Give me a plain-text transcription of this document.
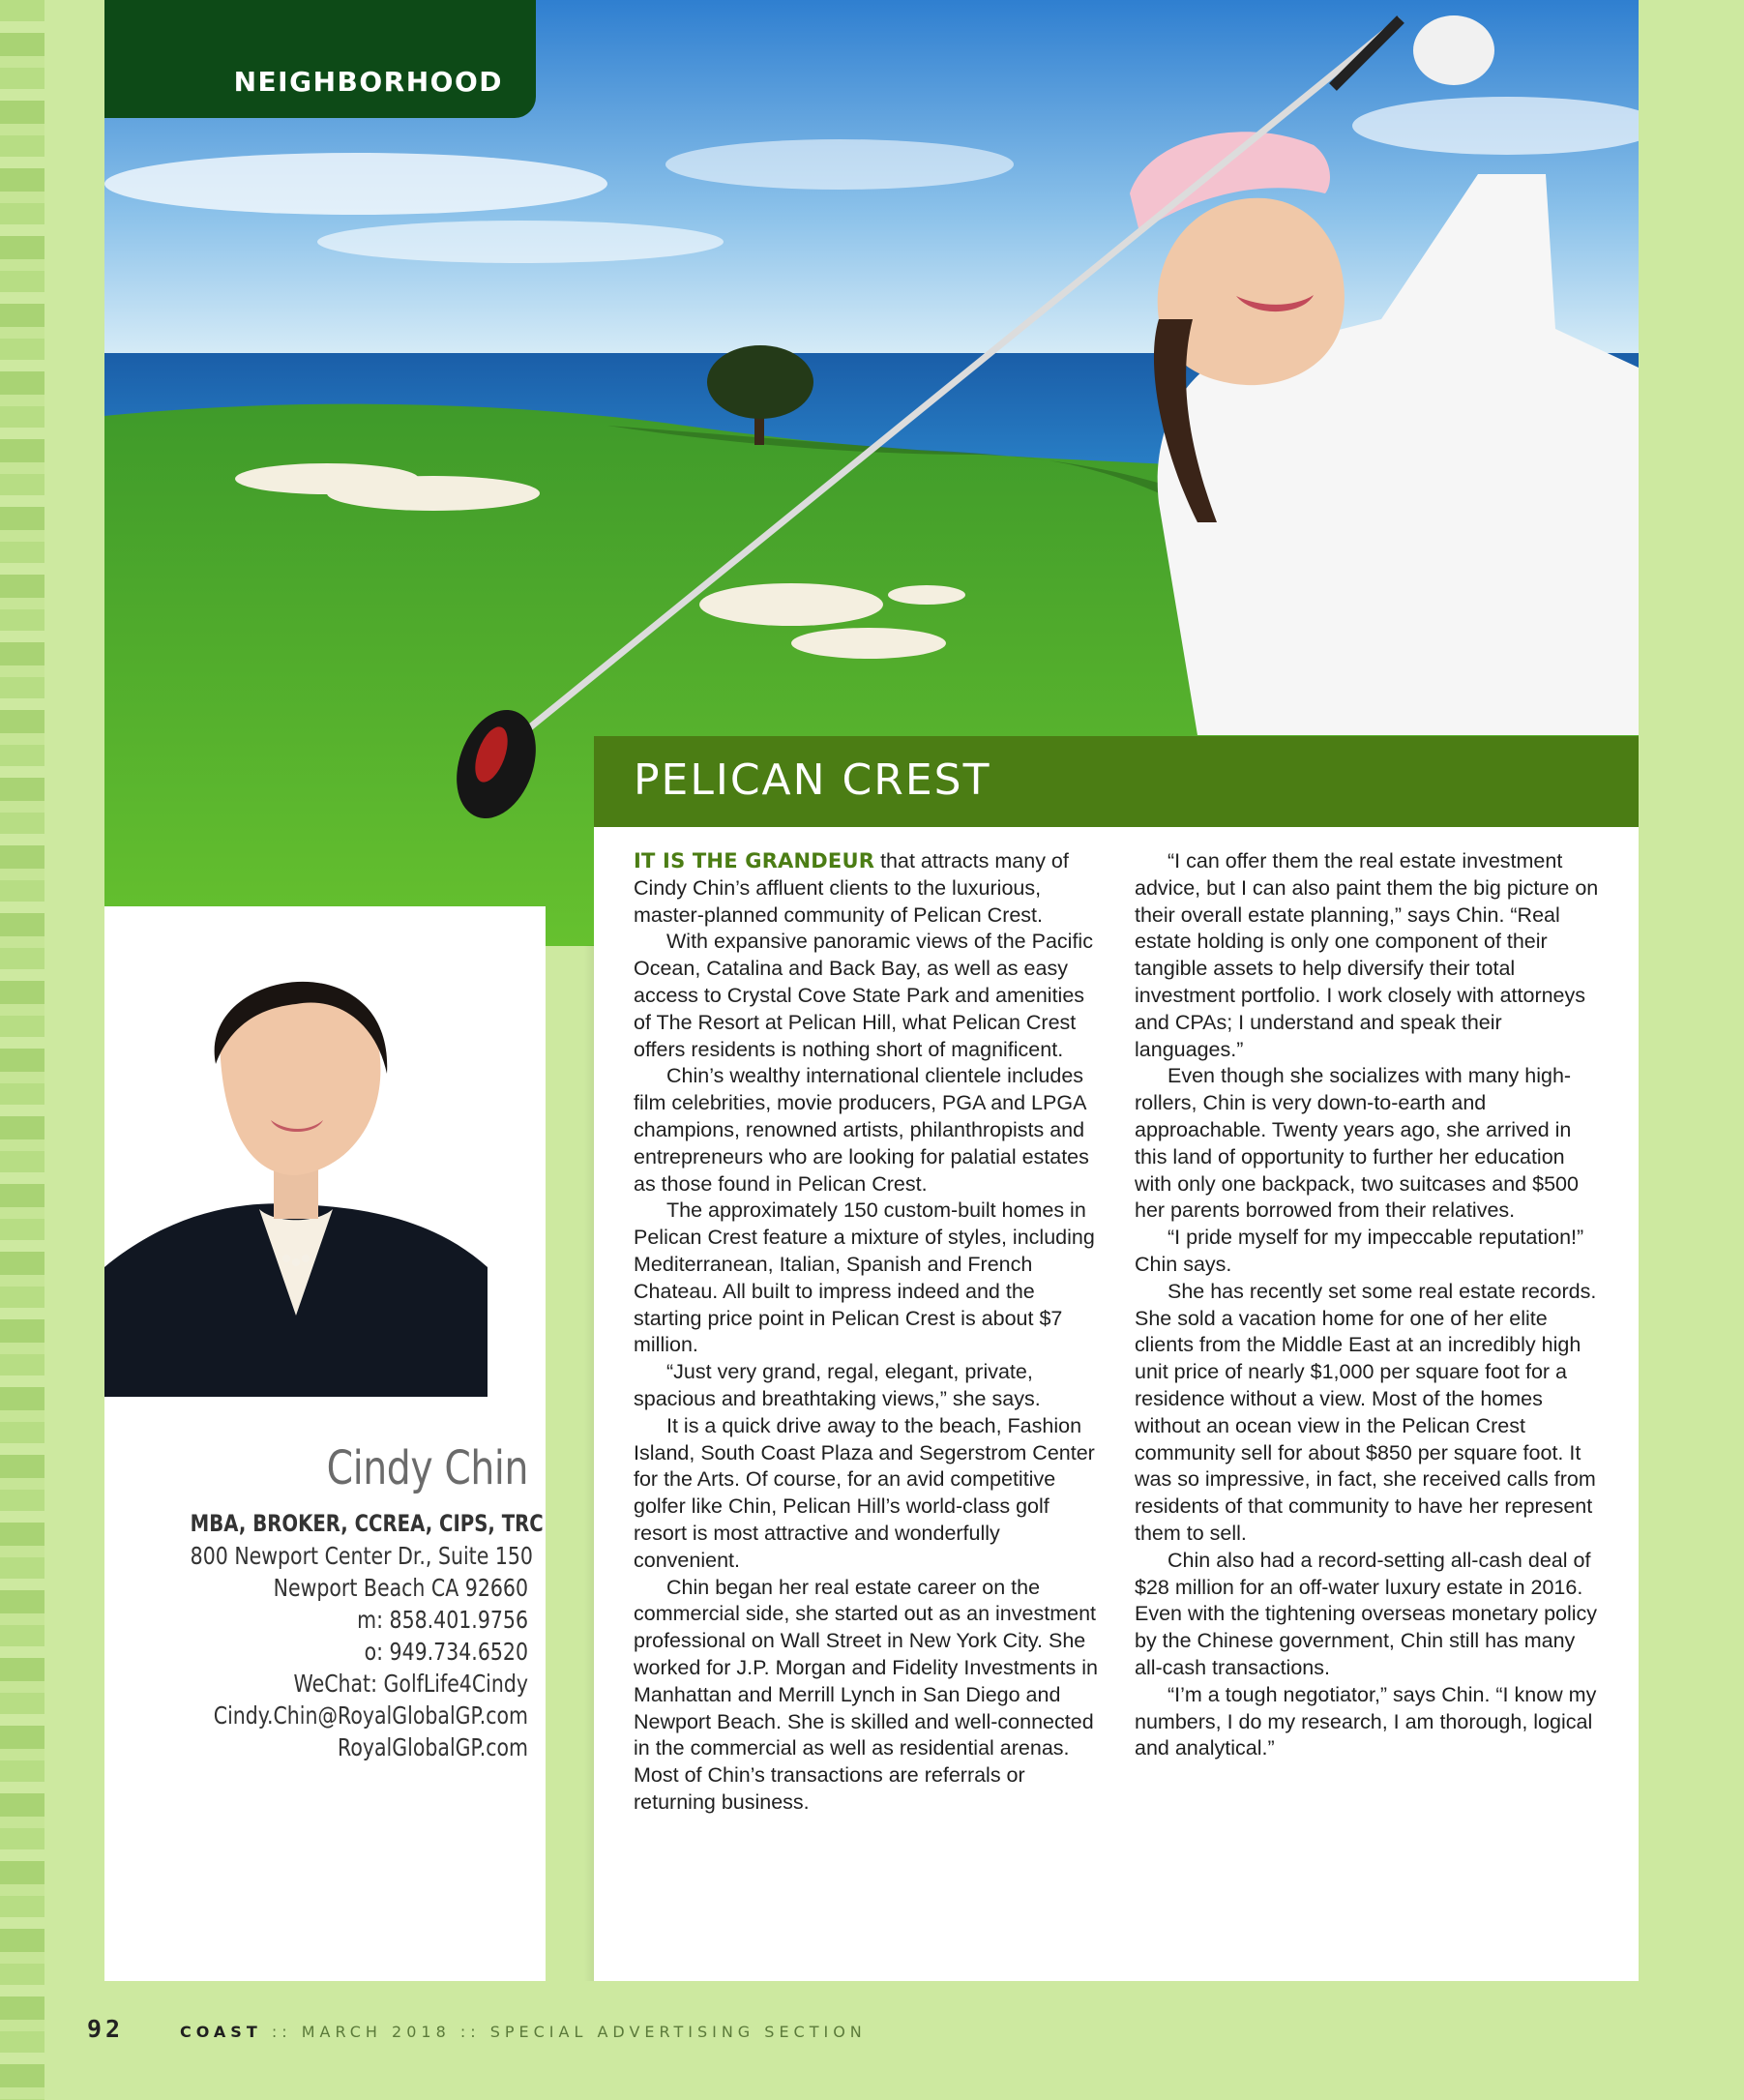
NEIGHBORHOOD
PELICAN CREST
Cindy Chin
MBA, BROKER, CCREA, CIPS, TRC
800 Newport Center Dr., Suite 150
Newport Beach CA 92660
m: 858.401.9756
o: 949.734.6520
WeChat: GolfLife4Cindy
Cindy.Chin@RoyalGlobalGP.com
RoyalGlobalGP.com

IT IS THE GRANDEUR that attracts many of Cindy Chin’s affluent clients to the luxurious, master-planned community of Pelican Crest.

With expansive panoramic views of the Pacific Ocean, Catalina and Back Bay, as well as easy access to Crystal Cove State Park and amenities of The Resort at Pelican Hill, what Pelican Crest offers residents is nothing short of magnificent.

Chin’s wealthy international clientele includes film celebrities, movie producers, PGA and LPGA champions, renowned artists, philanthropists and entrepreneurs who are looking for palatial estates as those found in Pelican Crest.

The approximately 150 custom-built homes in Pelican Crest feature a mixture of styles, including Mediterranean, Italian, Spanish and French Chateau. All built to impress indeed and the starting price point in Pelican Crest is about $7 million.

“Just very grand, regal, elegant, private, spacious and breathtaking views,” she says.

It is a quick drive away to the beach, Fashion Island, South Coast Plaza and Segerstrom Center for the Arts. Of course, for an avid competitive golfer like Chin, Pelican Hill’s world-class golf resort is most attractive and wonderfully convenient.

Chin began her real estate career on the commercial side, she started out as an investment professional on Wall Street in New York City. She worked for J.P. Morgan and Fidelity Investments in Manhattan and Merrill Lynch in San Diego and Newport Beach. She is skilled and well-connected in the commercial as well as residential arenas. Most of Chin’s transactions are referrals or returning business.

“I can offer them the real estate investment advice, but I can also paint them the big picture on their overall estate planning,” says Chin. “Real estate holding is only one component of their tangible assets to help diversify their total investment portfolio. I work closely with attorneys and CPAs; I understand and speak their languages.”

Even though she socializes with many high-rollers, Chin is very down-to-earth and approachable. Twenty years ago, she arrived in this land of opportunity to further her education with only one backpack, two suitcases and $500 her parents borrowed from their relatives.

“I pride myself for my impeccable reputation!” Chin says.

She has recently set some real estate records. She sold a vacation home for one of her elite clients from the Middle East at an incredibly high unit price of nearly $1,000 per square foot for a residence without a view. Most of the homes without an ocean view in the Pelican Crest community sell for about $850 per square foot. It was so impressive, in fact, she received calls from residents of that community to have her represent them to sell.

Chin also had a record-setting all-cash deal of $28 million for an off-water luxury estate in 2016. Even with the tightening overseas monetary policy by the Chinese government, Chin still has many all-cash transactions.

“I’m a tough negotiator,” says Chin. “I know my numbers, I do my research, I am thorough, logical and analytical.”

92	COAST :: MARCH 2018 :: SPECIAL ADVERTISING SECTION
